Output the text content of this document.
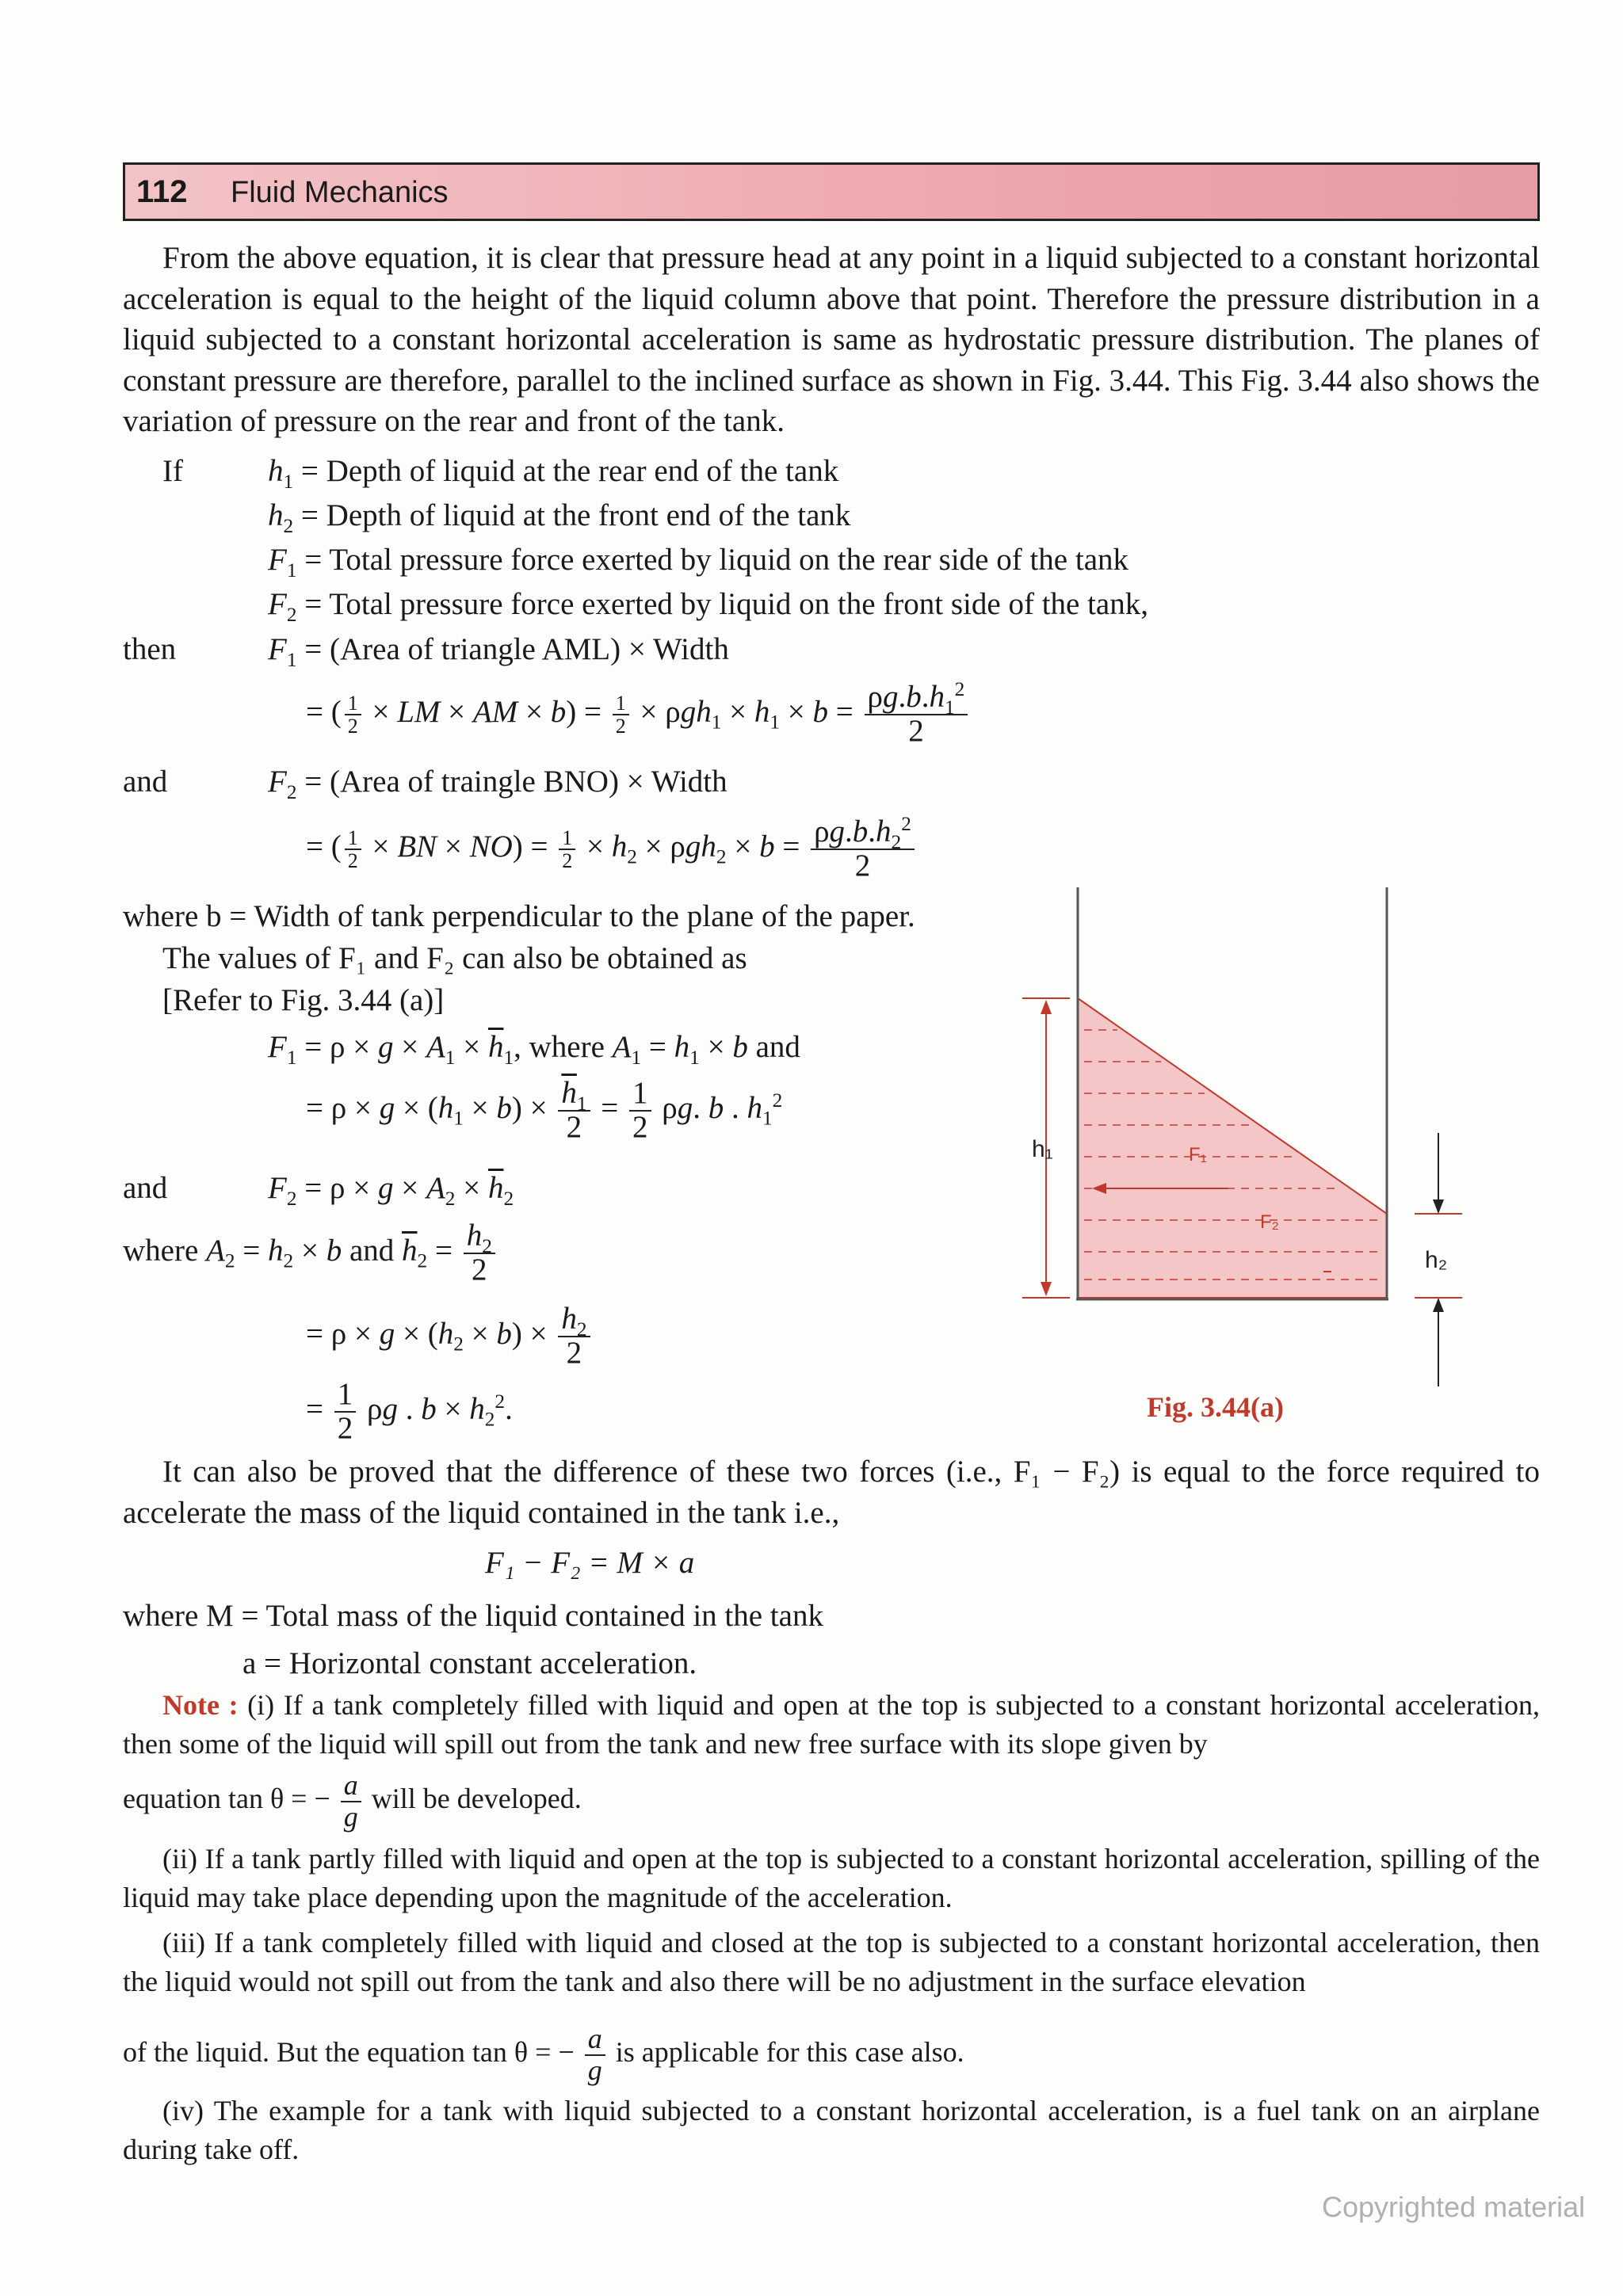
112 Fluid Mechanics
From the above equation, it is clear that pressure head at any point in a liquid subjected to a constant horizontal acceleration is equal to the height of the liquid column above that point. Therefore the pressure distribution in a liquid subjected to a constant horizontal acceleration is same as hydrostatic pressure distribution. The planes of constant pressure are therefore, parallel to the inclined surface as shown in Fig. 3.44. This Fig. 3.44 also shows the variation of pressure on the rear and front of the tank.
If	$h_1$ = Depth of liquid at the rear end of the tank
$h_2$ = Depth of liquid at the front end of the tank
$F_1$ = Total pressure force exerted by liquid on the rear side of the tank
$F_2$ = Total pressure force exerted by liquid on the front side of the tank,
then	$F_1$ = (Area of triangle AML) × Width
= ( $\frac{1}{2}$ × LM × AM × $b) = \frac{1}{2} \times \rho gh_1 \times h_1 \times b = \frac{\rho g.b.h_1^2}{2}$
and	$F_2$ = (Area of traingle BNO) × Width
= ( $\frac{1}{2}$ × BN × $NO) = \frac{1}{2} \times h_2 \times \rho gh_2 \times b = \frac{\rho g.b.h_2^2}{2}$
where b = Width of tank perpendicular to the plane of the paper.
The values of F₁ and F₂ can also be obtained as
[Refer to Fig. 3.44 (a)]
$F_1 = \rho \times g \times A_1 \times \overline{h}_1$, where $A_1 = h_1 \times b$ and
= $\rho \times g \times (h_1 \times b) \times \frac{\overline{h}_1}{2} = \frac{1}{2} \rho g$. b . $h_1^2$
and	$F_2 = \rho \times g \times A_2 \times \overline{h}_2$
where $A_2 = h_2 \times b$ and $\overline{h}_2 = \frac{h_2}{2}$
= $\rho \times g \times (h_2 \times b) \times \frac{h_2}{2}$
= $\frac{1}{2}$ ρg . $b \times h_2^2$.
h₁
h₂
F₁
F₂
Fig. 3.44(a)
It can also be proved that the difference of these two forces (i.e., F₁ − F₂) is equal to the force required to accelerate the mass of the liquid contained in the tank i.e.,
F₁ − F₂ = M × a
where M = Total mass of the liquid contained in the tank
a = Horizontal constant acceleration.
Note : (i) If a tank completely filled with liquid and open at the top is subjected to a constant horizontal acceleration, then some of the liquid will spill out from the tank and new free surface with its slope given by
equation tan θ = − $\frac{a}{g}$ will be developed.
(ii) If a tank partly filled with liquid and open at the top is subjected to a constant horizontal acceleration, spilling of the liquid may take place depending upon the magnitude of the acceleration.
(iii) If a tank completely filled with liquid and closed at the top is subjected to a constant horizontal acceleration, then the liquid would not spill out from the tank and also there will be no adjustment in the surface elevation
of the liquid. But the equation tan θ = − $\frac{a}{g}$ is applicable for this case also.
(iv) The example for a tank with liquid subjected to a constant horizontal acceleration, is a fuel tank on an airplane during take off.
Copyrighted material
